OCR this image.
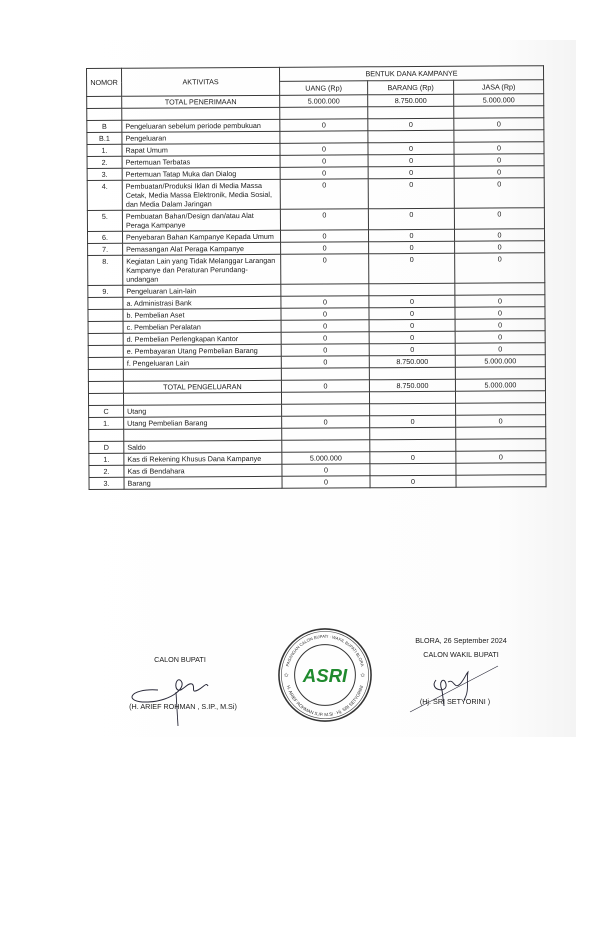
NOMOR	AKTIVITAS	BENTUK DANA KAMPANYE		
		UANG (Rp)	BARANG (Rp)	JASA (Rp)
	TOTAL PENERIMAAN	5.000.000	8.750.000	5.000.000

B	Pengeluaran sebelum periode pembukuan	0	0	0
B.1	Pengeluaran			
1.	Rapat Umum	0	0	0
2.	Pertemuan Terbatas	0	0	0
3.	Pertemuan Tatap Muka dan Dialog	0	0	0
4.	Pembuatan/Produksi Iklan di Media Massa Cetak, Media Massa Elektronik, Media Sosial, dan Media Dalam Jaringan	0	0	0
5.	Pembuatan Bahan/Design dan/atau Alat Peraga Kampanye	0	0	0
6.	Penyebaran Bahan Kampanye Kepada Umum	0	0	0
7.	Pemasangan Alat Peraga Kampanye	0	0	0
8.	Kegiatan Lain yang Tidak Melanggar Larangan Kampanye dan Peraturan Perundang-undangan	0	0	0
9.	Pengeluaran Lain-lain			
	a. Administrasi Bank	0	0	0
	b. Pembelian Aset	0	0	0
	c. Pembelian Peralatan	0	0	0
	d. Pembelian Perlengkapan Kantor	0	0	0
	e. Pembayaran Utang Pembelian Barang	0	0	0
	f. Pengeluaran Lain	0	8.750.000	5.000.000

	TOTAL PENGELUARAN	0	8.750.000	5.000.000

C	Utang			
1.	Utang Pembelian Barang	0	0	0

D	Saldo			
1.	Kas di Rekening Khusus Dana Kampanye	5.000.000	0	0
2.	Kas di Bendahara	0		
3.	Barang	0	0	
CALON BUPATI
(H. ARIEF ROHMAN , S.IP., M.Si)
PASANGAN CALON BUPATI · WAKIL BUPATI BLORA
H. ARIEF ROHMAN S.IP. M.Si · Hj. SRI SETYORINI
✩	✩
ASRI
BLORA, 26 September 2024
CALON WAKIL BUPATI
(Hj. SRI SETYORINI )
